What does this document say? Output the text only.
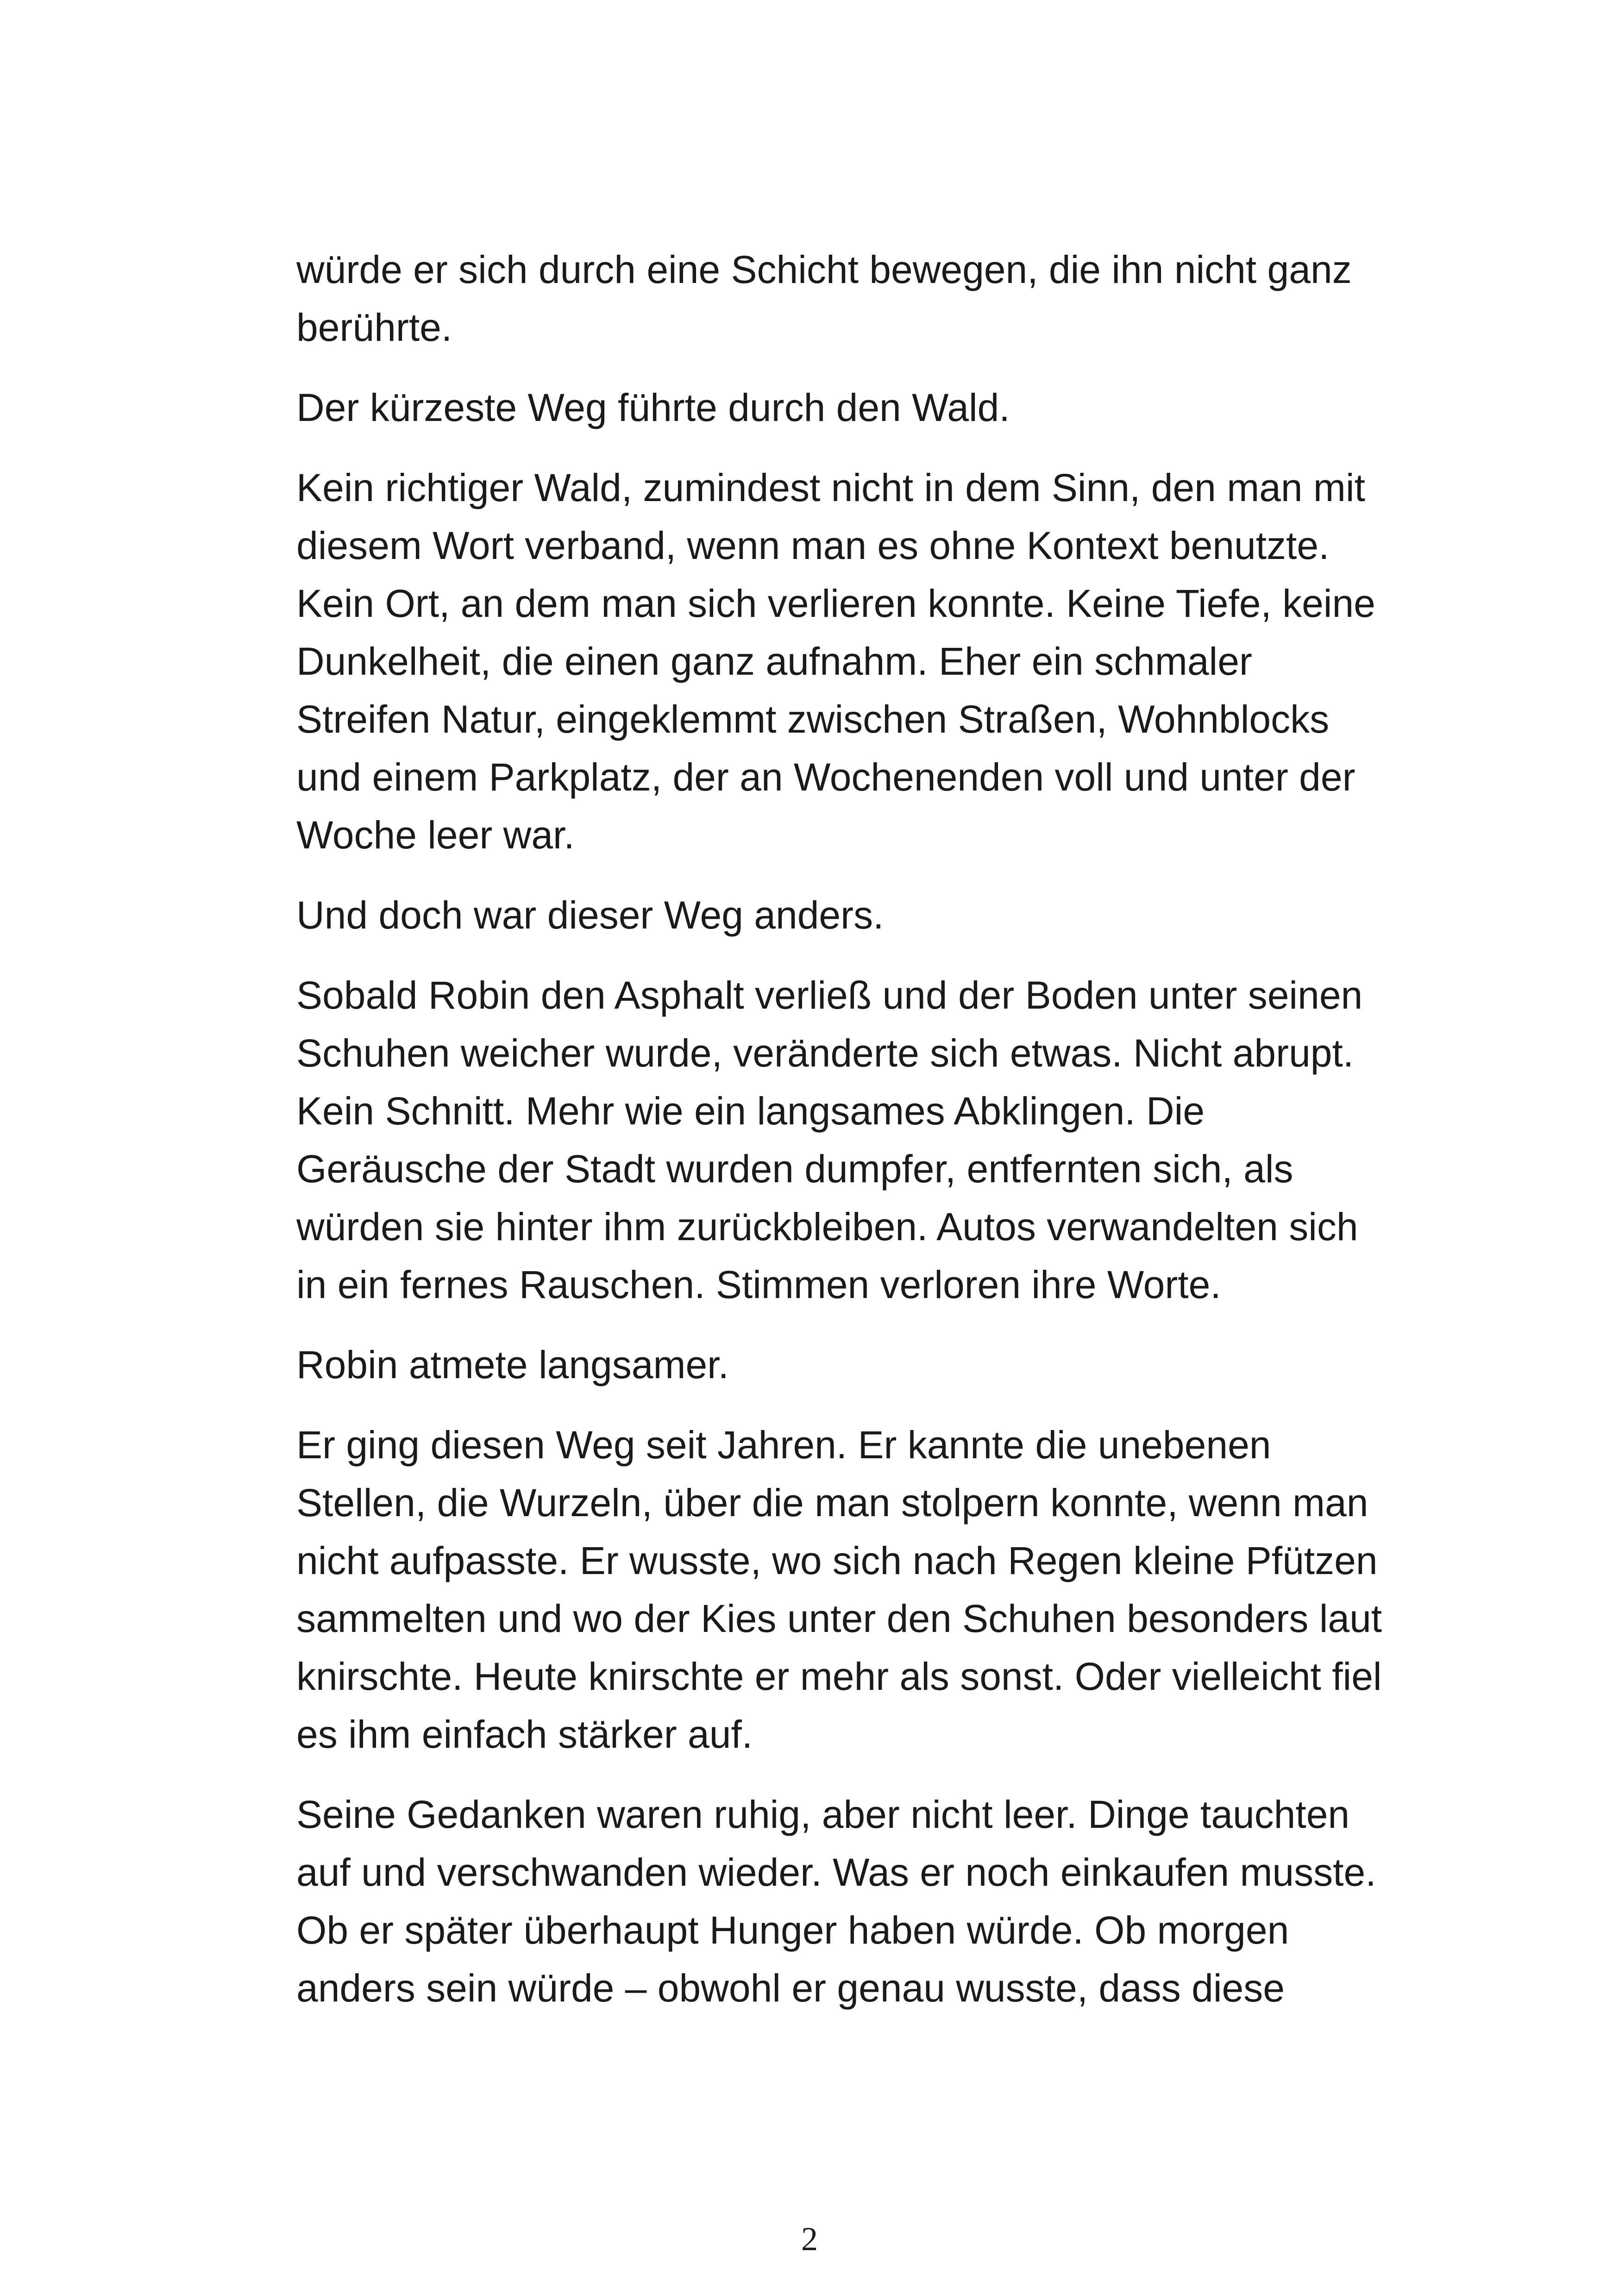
würde er sich durch eine Schicht bewegen, die ihn nicht ganz
berührte.

Der kürzeste Weg führte durch den Wald.

Kein richtiger Wald, zumindest nicht in dem Sinn, den man mit
diesem Wort verband, wenn man es ohne Kontext benutzte.
Kein Ort, an dem man sich verlieren konnte. Keine Tiefe, keine
Dunkelheit, die einen ganz aufnahm. Eher ein schmaler
Streifen Natur, eingeklemmt zwischen Straßen, Wohnblocks
und einem Parkplatz, der an Wochenenden voll und unter der
Woche leer war.

Und doch war dieser Weg anders.

Sobald Robin den Asphalt verließ und der Boden unter seinen
Schuhen weicher wurde, veränderte sich etwas. Nicht abrupt.
Kein Schnitt. Mehr wie ein langsames Abklingen. Die
Geräusche der Stadt wurden dumpfer, entfernten sich, als
würden sie hinter ihm zurückbleiben. Autos verwandelten sich
in ein fernes Rauschen. Stimmen verloren ihre Worte.

Robin atmete langsamer.

Er ging diesen Weg seit Jahren. Er kannte die unebenen
Stellen, die Wurzeln, über die man stolpern konnte, wenn man
nicht aufpasste. Er wusste, wo sich nach Regen kleine Pfützen
sammelten und wo der Kies unter den Schuhen besonders laut
knirschte. Heute knirschte er mehr als sonst. Oder vielleicht fiel
es ihm einfach stärker auf.

Seine Gedanken waren ruhig, aber nicht leer. Dinge tauchten
auf und verschwanden wieder. Was er noch einkaufen musste.
Ob er später überhaupt Hunger haben würde. Ob morgen
anders sein würde – obwohl er genau wusste, dass diese

2
